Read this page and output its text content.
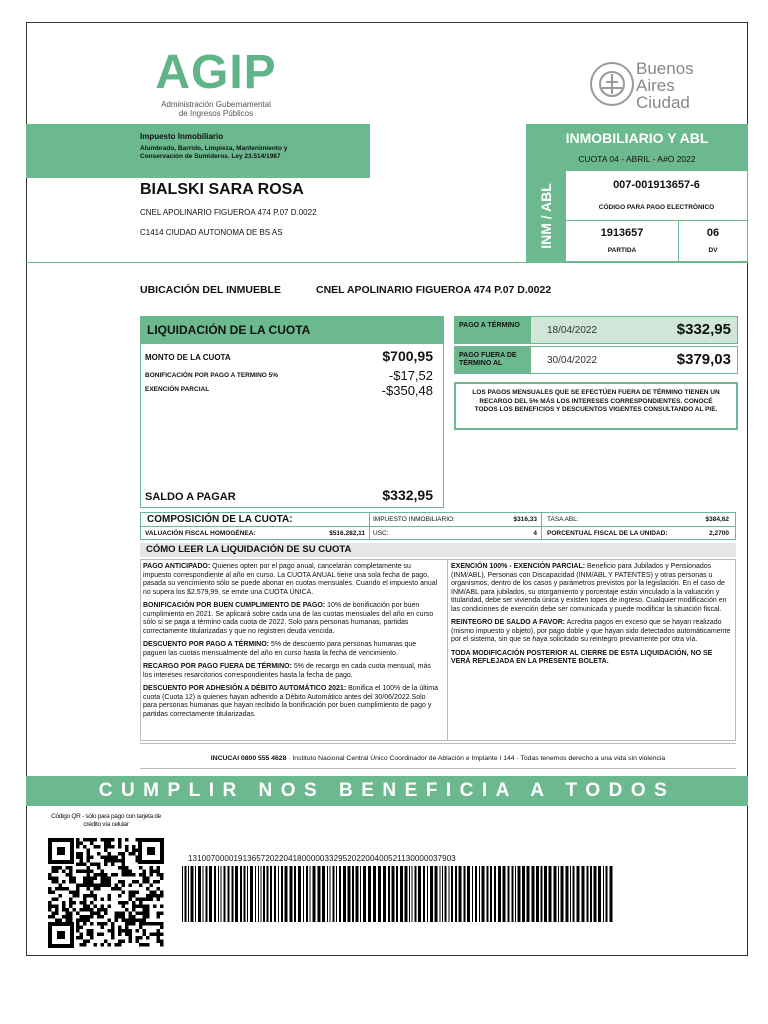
AGIP
Administración Gubernamental
de Ingresos Públicos
Buenos
Aires
Ciudad
Impuesto Inmobiliario
Alumbrado, Barrido, Limpieza, Mantenimiento y Conservación de Sumideros. Ley 23.514/1987
BIALSKI SARA ROSA
CNEL APOLINARIO FIGUEROA 474 P.07 D.0022
C1414 CIUDAD AUTONOMA DE BS AS
INMOBILIARIO Y ABL
CUOTA 04 - ABRIL - A#O 2022
INM / ABL	007-001913657-6
CÓDIGO PARA PAGO ELECTRÓNICO
1913657
PARTIDA
06
DV
UBICACIÓN DEL INMUEBLE	CNEL APOLINARIO FIGUEROA 474 P.07 D.0022
LIQUIDACIÓN DE LA CUOTA
MONTO DE LA CUOTA	$700,95
BONIFICACIÓN POR PAGO A TERMINO 5%	-$17,52
EXENCIÓN PARCIAL	-$350,48
SALDO A PAGAR	$332,95
PAGO A TÉRMINO	18/04/2022	$332,95
PAGO FUERA DE TÉRMINO AL	30/04/2022	$379,03
LOS PAGOS MENSUALES QUE SE EFECTÚEN FUERA DE TÉRMINO TIENEN UN RECARGO DEL 5% MÁS LOS INTERESES CORRESPONDIENTES. CONOCÉ TODOS LOS BENEFICIOS Y DESCUENTOS VIGENTES CONSULTANDO AL PIE.
COMPOSICIÓN DE LA CUOTA:
VALUACIÓN FISCAL HOMOGÉNEA:	$516.282,11
IMPUESTO INMOBILIARIO:	$316,33
USC:	4
TASA ABL:	$384,62
PORCENTUAL FISCAL DE LA UNIDAD:	2,2700
CÓMO LEER LA LIQUIDACIÓN DE SU CUOTA

PAGO ANTICIPADO: Quienes opten por el pago anual, cancelarán completamente su impuesto correspondiente al año en curso. La CUOTA ANUAL tiene una sola fecha de pago, pasada su vencimiento sólo se puede abonar en cuotas mensuales. Cuando el impuesto anual no supera los $2.579,99, se emite una CUOTA ÚNICA.

BONIFICACIÓN POR BUEN CUMPLIMIENTO DE PAGO: 10% de bonificación por buen cumplimiento en 2021. Se aplicará sobre cada una de las cuotas mensuales del año en curso sólo si se paga a término cada cuota de 2022. Solo para personas humanas, partidas correctamente titularizadas y que no registren deuda vencida.

DESCUENTO POR PAGO A TÉRMINO: 5% de descuento para personas humanas que paguen las cuotas mensualmente del año en curso hasta la fecha de vencimiento.

RECARGO POR PAGO FUERA DE TÉRMINO: 5% de recargo en cada cuota mensual, más los intereses resarcitorios correspondientes hasta la fecha de pago.

DESCUENTO POR ADHESIÓN A DÉBITO AUTOMÁTICO 2021: Bonifica el 100% de la última cuota (Cuota 12) a quienes hayan adherido a Débito Automático antes del 30/06/2022.Solo para personas humanas que hayan recibido la bonificación por buen cumplimiento de pago y partidas correctamente titularizadas.

EXENCIÓN 100% - EXENCIÓN PARCIAL: Beneficio para Jubilados y Pensionados (INM/ABL), Personas con Discapacidad (INM/ABL Y PATENTES) y otras personas u organismos, dentro de los casos y parámetros previstos por la legislación. En el caso de INM/ABL para jubilados, su otorgamiento y porcentaje están vinculado a la valuación y titularidad, debe ser vivienda única y existen topes de ingreso. Cualquier modificación en las condiciones de exención debe ser comunicada y puede modificar la situación fiscal.

REINTEGRO DE SALDO A FAVOR: Acredita pagos en exceso que se hayan realizado (mismo impuesto y objeto), por pago doble y que hayan sido detectados automáticamente por el sistema, sin que se haya solicitado su reintegro previamente por otra vía.

TODA MODIFICACIÓN POSTERIOR AL CIERRE DE ESTA LIQUIDACIÓN, NO SE VERÁ REFLEJADA EN LA PRESENTE BOLETA.

INCUCAI 0800 555 4628 · Instituto Nacional Central Único Coordinador de Ablación e Implante I 144 · Todas tenemos derecho a una vida sin violencia
CUMPLIR NOS BENEFICIA A TODOS
Código QR - sólo para pago con tarjeta de crédito vía celular
13100700001913657202204180000033295202200400521130000037903
